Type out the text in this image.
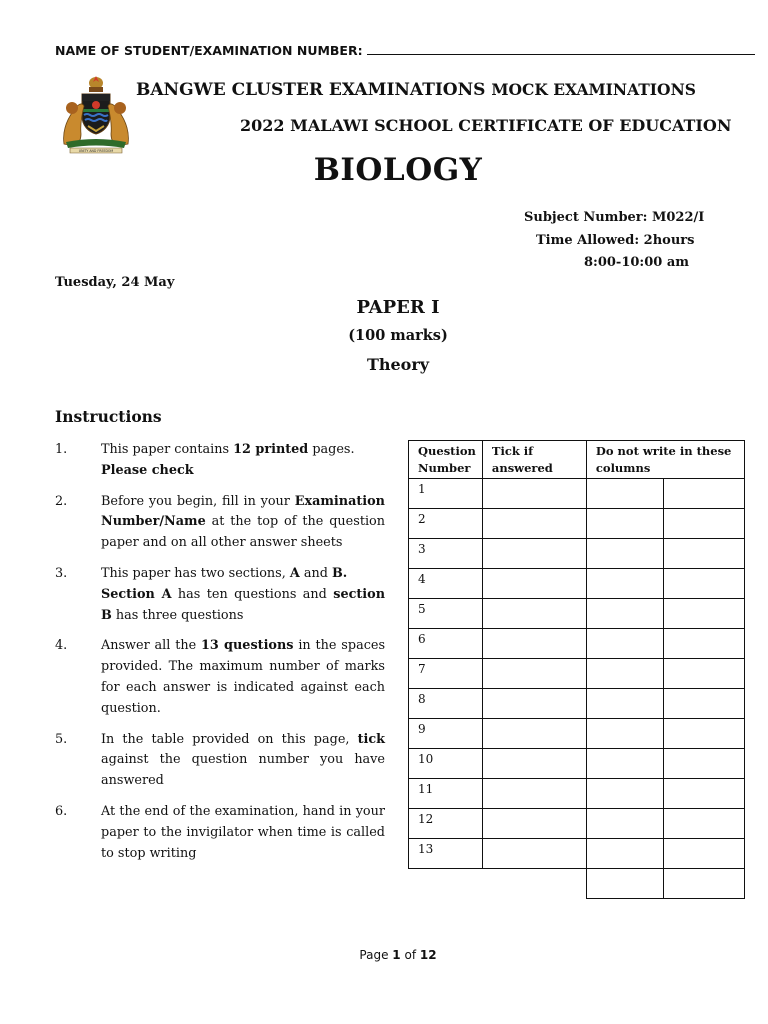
NAME OF STUDENT/EXAMINATION NUMBER:
UNITY AND FREEDOM
BANGWE CLUSTER EXAMINATIONS MOCK EXAMINATIONS
2022 MALAWI SCHOOL CERTIFICATE OF EDUCATION
BIOLOGY
Subject Number: M022/I
Time Allowed: 2hours
8:00-10:00 am
Tuesday, 24 May
PAPER I
(100 marks)
Theory
Instructions
1.	This paper contains 12 printed pages.
Please check
2.	Before you begin, fill in your Examination Number/Name at the top of the question paper and on all other answer sheets
3.	This paper has two sections, A and B.
Section A has ten questions and section B has three questions
4.	Answer all the 13 questions in the spaces provided. The maximum number of marks for each answer is indicated against each question.
5.	In the table provided on this page, tick against the question number you have answered
6.	At the end of the examination, hand in your paper to the invigilator when time is called to stop writing
Question Number	Tick if answered	Do not write in these columns	
1			
2			
3			
4			
5			
6			
7			
8			
9			
10			
11			
12			
13			

Page 1 of 12
